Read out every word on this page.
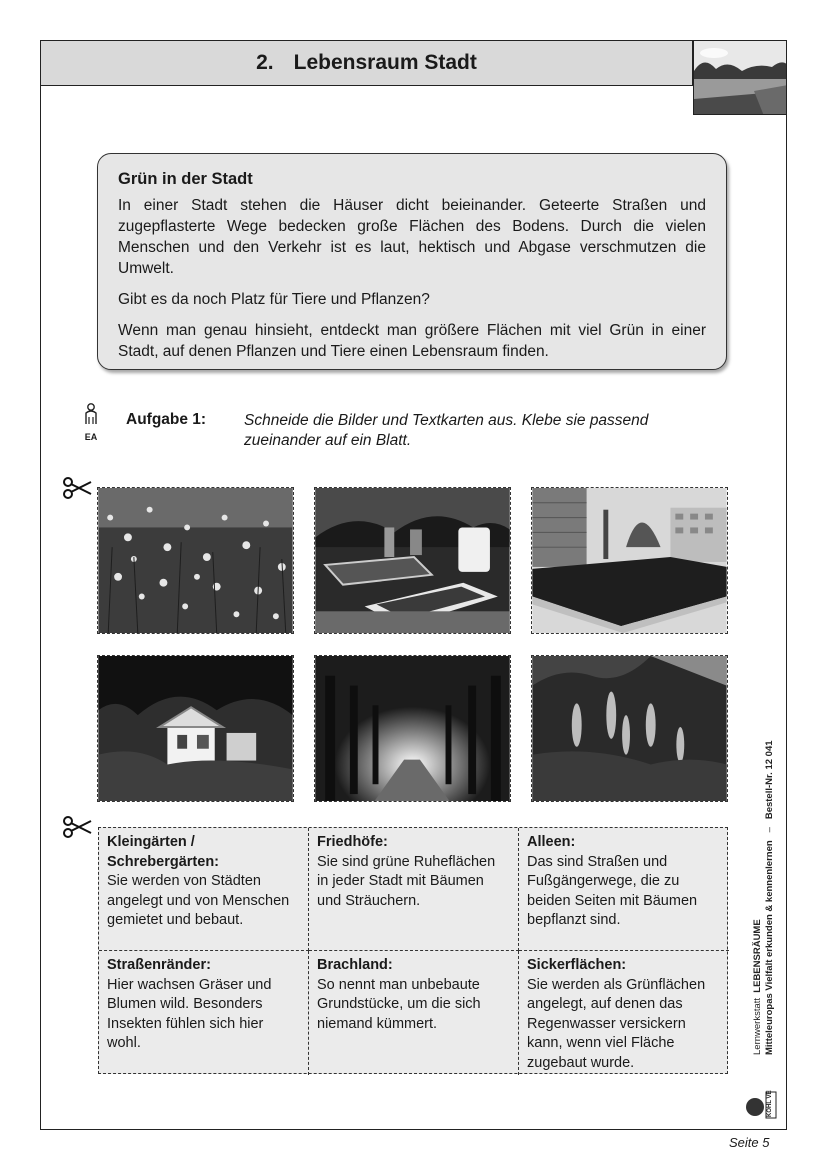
2. Lebensraum Stadt
Grün in der Stadt

In einer Stadt stehen die Häuser dicht beieinander. Geteerte Straßen und zugepflasterte Wege bedecken große Flächen des Bodens. Durch die vielen Menschen und den Verkehr ist es laut, hektisch und Abgase verschmutzen die Umwelt.

Gibt es da noch Platz für Tiere und Pflanzen?

Wenn man genau hinsieht, entdeckt man größere Flächen mit viel Grün in einer Stadt, auf denen Pflanzen und Tiere einen Lebensraum finden.

EA
Aufgabe 1: Schneide die Bilder und Textkarten aus. Klebe sie passend zueinander auf ein Blatt.
Kleingärten / Schrebergärten:
Sie werden von Städten angelegt und von Menschen gemietet und bebaut.
Friedhöfe:
Sie sind grüne Ruheflächen in jeder Stadt mit Bäumen und Sträuchern.
Alleen:
Das sind Straßen und Fußgängerwege, die zu beiden Seiten mit Bäumen bepflanzt sind.
Straßenränder:
Hier wachsen Gräser und Blumen wild. Besonders Insekten fühlen sich hier wohl.
Brachland:
So nennt man unbebaute Grundstücke, um die sich niemand kümmert.
Sickerflächen:
Sie werden als Grünflächen angelegt, auf denen das Regenwasser versickern kann, wenn viel Fläche zugebaut wurde.
Lernwerkstatt  LEBENSRÄUME Mitteleuropas Vielfalt erkunden & kennenlernen   –   Bestell-Nr. 12 041
KOHL VERLAG
Seite 5
